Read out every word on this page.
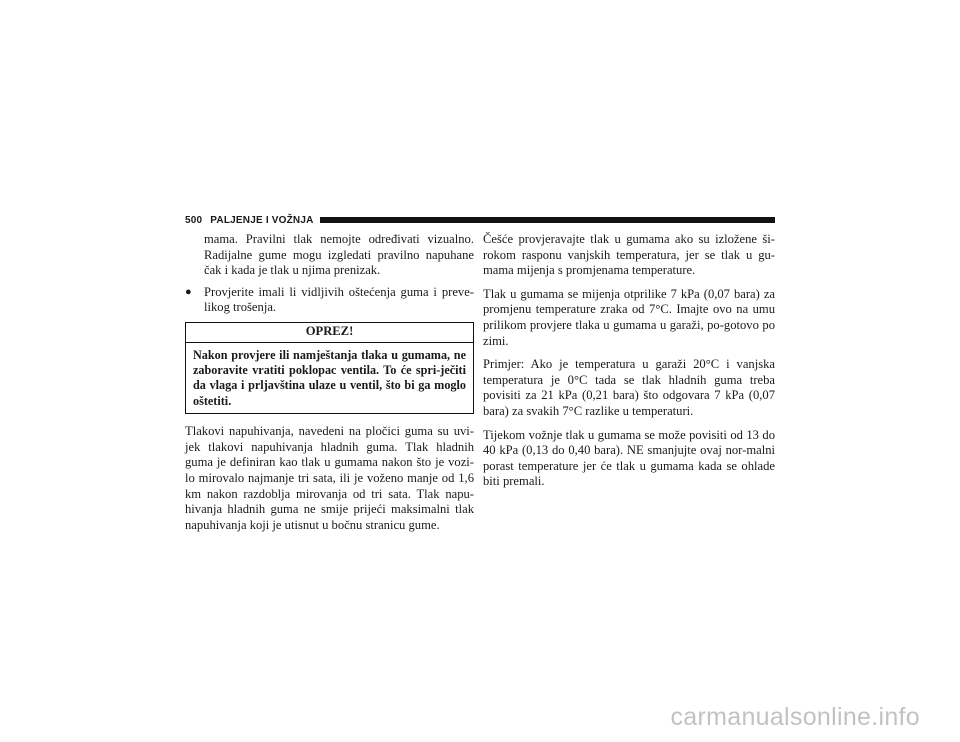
500 PALJENJE I VOŽNJA

mama. Pravilni tlak nemojte određivati vizualno. Radijalne gume mogu izgledati pravilno napuhane čak i kada je tlak u njima prenizak.

● Provjerite imali li vidljivih oštećenja guma i preve-likog trošenja.
OPREZ!
Nakon provjere ili namještanja tlaka u gumama, ne zaboravite vratiti poklopac ventila. To će spri-ječiti da vlaga i prljavština ulaze u ventil, što bi ga moglo oštetiti.

Tlakovi napuhivanja, navedeni na pločici guma su uvi-jek tlakovi napuhivanja hladnih guma. Tlak hladnih guma je definiran kao tlak u gumama nakon što je vozi-lo mirovalo najmanje tri sata, ili je voženo manje od 1,6 km nakon razdoblja mirovanja od tri sata. Tlak napu-hivanja hladnih guma ne smije prijeći maksimalni tlak napuhivanja koji je utisnut u bočnu stranicu gume.

Češće provjeravajte tlak u gumama ako su izložene ši-rokom rasponu vanjskih temperatura, jer se tlak u gu-mama mijenja s promjenama temperature.

Tlak u gumama se mijenja otprilike 7 kPa (0,07 bara) za promjenu temperature zraka od 7°C. Imajte ovo na umu prilikom provjere tlaka u gumama u garaži, po-gotovo po zimi.

Primjer: Ako je temperatura u garaži 20°C i vanjska temperatura je 0°C tada se tlak hladnih guma treba povisiti za 21 kPa (0,21 bara) što odgovara 7 kPa (0,07 bara) za svakih 7°C razlike u temperaturi.

Tijekom vožnje tlak u gumama se može povisiti od 13 do 40 kPa (0,13 do 0,40 bara). NE smanjujte ovaj nor-malni porast temperature jer će tlak u gumama kada se ohlade biti premali.

carmanualsonline.info
